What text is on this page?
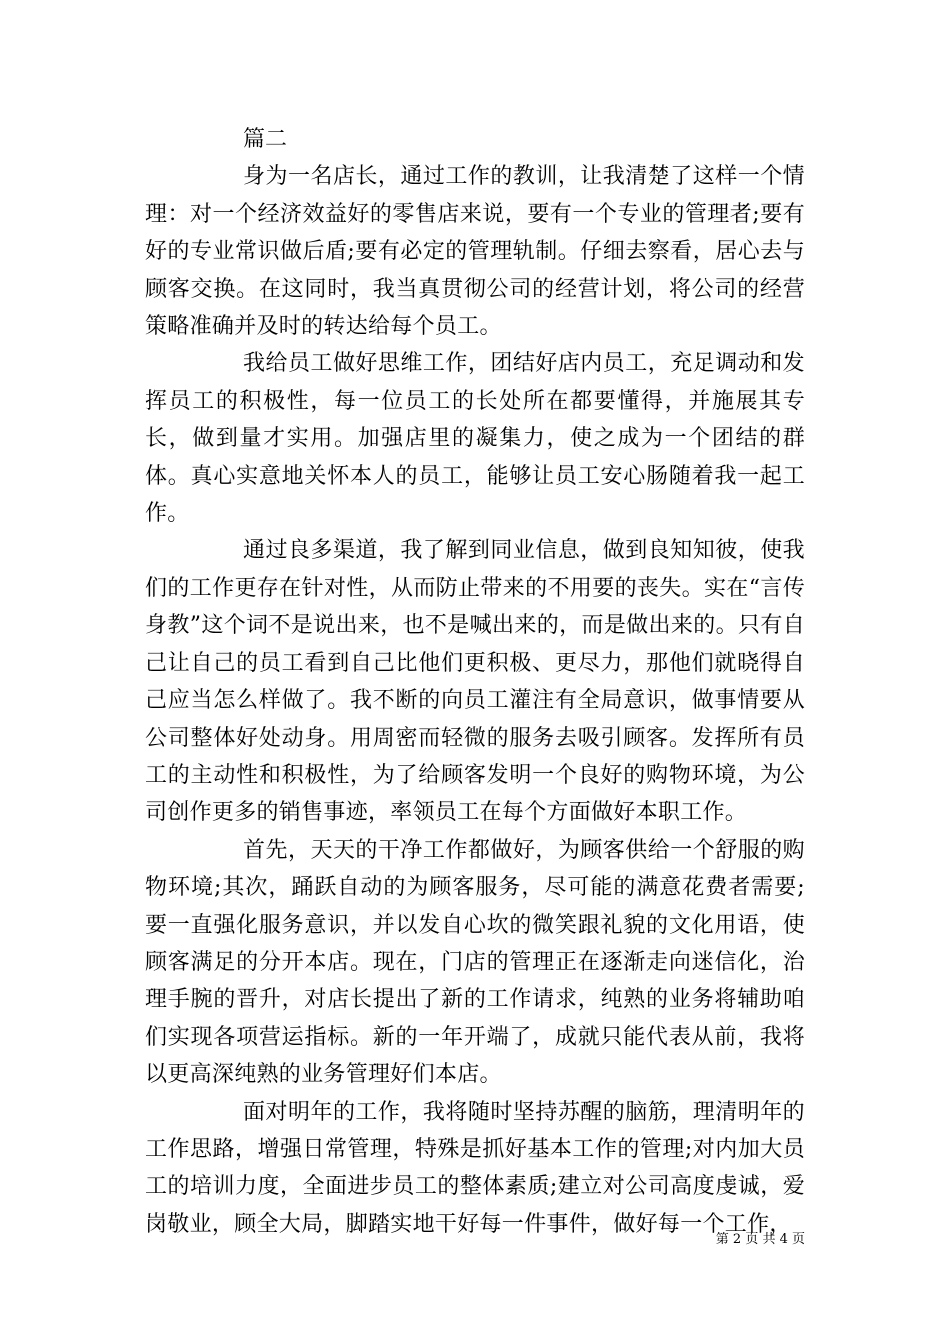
篇二

身为一名店长，通过工作的教训，让我清楚了这样一个情理：对一个经济效益好的零售店来说，要有一个专业的管理者;要有好的专业常识做后盾;要有必定的管理轨制。仔细去察看，居心去与顾客交换。在这同时，我当真贯彻公司的经营计划，将公司的经营策略准确并及时的转达给每个员工。

我给员工做好思维工作，团结好店内员工，充足调动和发挥员工的积极性，每一位员工的长处所在都要懂得，并施展其专长，做到量才实用。加强店里的凝集力，使之成为一个团结的群体。真心实意地关怀本人的员工，能够让员工安心肠随着我一起工作。

通过良多渠道，我了解到同业信息，做到良知知彼，使我们的工作更存在针对性，从而防止带来的不用要的丧失。实在“言传身教”这个词不是说出来，也不是喊出来的，而是做出来的。只有自己让自己的员工看到自己比他们更积极、更尽力，那他们就晓得自己应当怎么样做了。我不断的向员工灌注有全局意识，做事情要从公司整体好处动身。用周密而轻微的服务去吸引顾客。发挥所有员工的主动性和积极性，为了给顾客发明一个良好的购物环境，为公司创作更多的销售事迹，率领员工在每个方面做好本职工作。

首先，天天的干净工作都做好，为顾客供给一个舒服的购物环境;其次，踊跃自动的为顾客服务，尽可能的满意花费者需要;要一直强化服务意识，并以发自心坎的微笑跟礼貌的文化用语，使顾客满足的分开本店。现在，门店的管理正在逐渐走向迷信化，治理手腕的晋升，对店长提出了新的工作请求，纯熟的业务将辅助咱们实现各项营运指标。新的一年开端了，成就只能代表从前，我将以更高深纯熟的业务管理好们本店。

面对明年的工作，我将随时坚持苏醒的脑筋，理清明年的工作思路，增强日常管理，特殊是抓好基本工作的管理;对内加大员工的培训力度，全面进步员工的整体素质;建立对公司高度虔诚，爱岗敬业，顾全大局，脚踏实地干好每一件事件，做好每一个工作，

第 2 页 共 4 页
